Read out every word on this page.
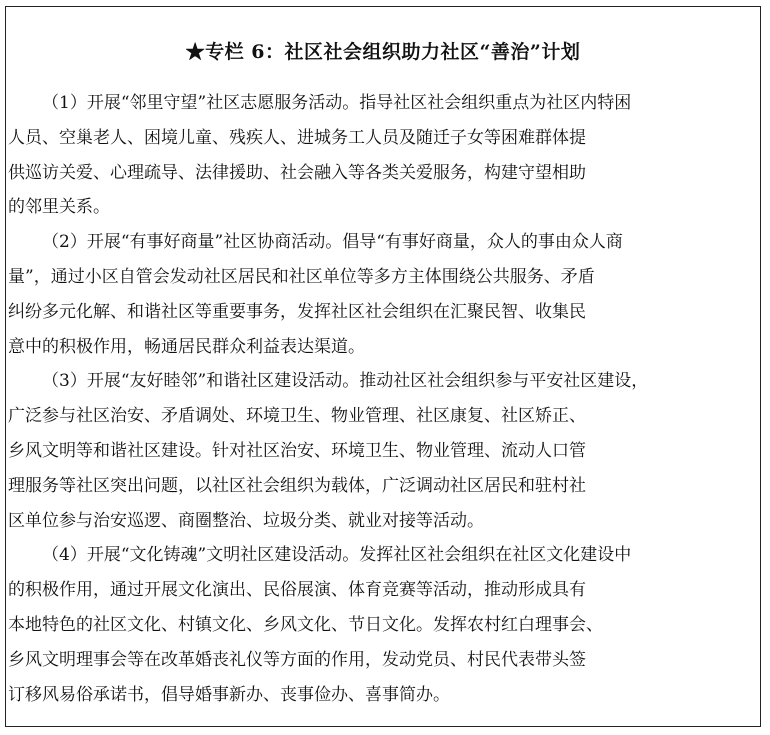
★专栏 6：社区社会组织助力社区“善治”计划

（1）开展“邻里守望”社区志愿服务活动。指导社区社会组织重点为社区内特困
人员、空巢老人、困境儿童、残疾人、进城务工人员及随迁子女等困难群体提
供巡访关爱、心理疏导、法律援助、社会融入等各类关爱服务，构建守望相助
的邻里关系。

（2）开展“有事好商量”社区协商活动。倡导“有事好商量，众人的事由众人商
量”，通过小区自管会发动社区居民和社区单位等多方主体围绕公共服务、矛盾
纠纷多元化解、和谐社区等重要事务，发挥社区社会组织在汇聚民智、收集民
意中的积极作用，畅通居民群众利益表达渠道。

（3）开展“友好睦邻”和谐社区建设活动。推动社区社会组织参与平安社区建设，
广泛参与社区治安、矛盾调处、环境卫生、物业管理、社区康复、社区矫正、
乡风文明等和谐社区建设。针对社区治安、环境卫生、物业管理、流动人口管
理服务等社区突出问题，以社区社会组织为载体，广泛调动社区居民和驻村社
区单位参与治安巡逻、商圈整治、垃圾分类、就业对接等活动。

（4）开展“文化铸魂”文明社区建设活动。发挥社区社会组织在社区文化建设中
的积极作用，通过开展文化演出、民俗展演、体育竞赛等活动，推动形成具有
本地特色的社区文化、村镇文化、乡风文化、节日文化。发挥农村红白理事会、
乡风文明理事会等在改革婚丧礼仪等方面的作用，发动党员、村民代表带头签
订移风易俗承诺书，倡导婚事新办、丧事俭办、喜事简办。
